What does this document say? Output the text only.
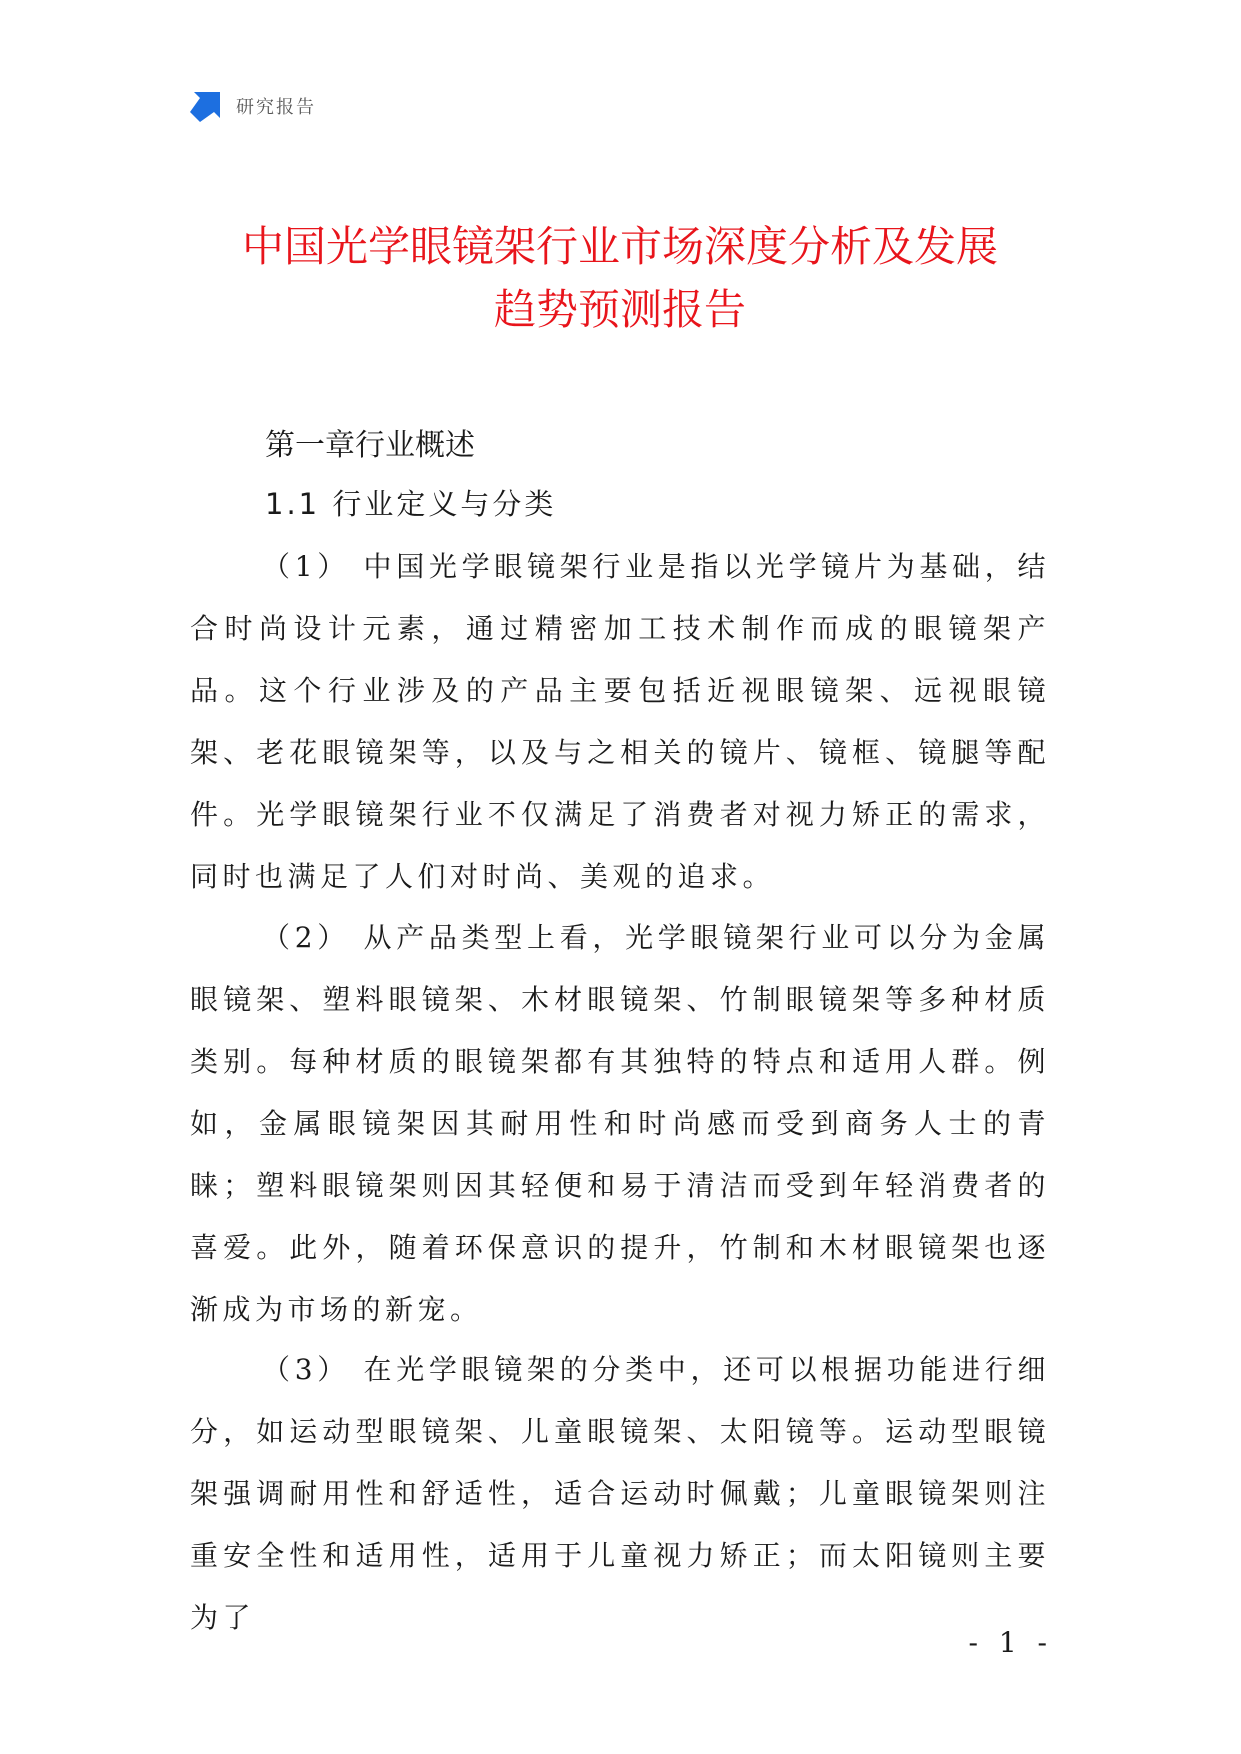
研究报告
中国光学眼镜架行业市场深度分析及发展
趋势预测报告
第一章行业概述
1.1 行业定义与分类

（1） 中国光学眼镜架行业是指以光学镜片为基础，结合时尚设计元素，通过精密加工技术制作而成的眼镜架产品。这个行业涉及的产品主要包括近视眼镜架、远视眼镜架、老花眼镜架等，以及与之相关的镜片、镜框、镜腿等配件。光学眼镜架行业不仅满足了消费者对视力矫正的需求，同时也满足了人们对时尚、美观的追求。

（2） 从产品类型上看，光学眼镜架行业可以分为金属眼镜架、塑料眼镜架、木材眼镜架、竹制眼镜架等多种材质类别。每种材质的眼镜架都有其独特的特点和适用人群。例如，金属眼镜架因其耐用性和时尚感而受到商务人士的青睐；塑料眼镜架则因其轻便和易于清洁而受到年轻消费者的喜爱。此外，随着环保意识的提升，竹制和木材眼镜架也逐渐成为市场的新宠。

（3） 在光学眼镜架的分类中，还可以根据功能进行细分，如运动型眼镜架、儿童眼镜架、太阳镜等。运动型眼镜架强调耐用性和舒适性，适合运动时佩戴；儿童眼镜架则注重安全性和适用性，适用于儿童视力矫正；而太阳镜则主要为了

- 1 -
